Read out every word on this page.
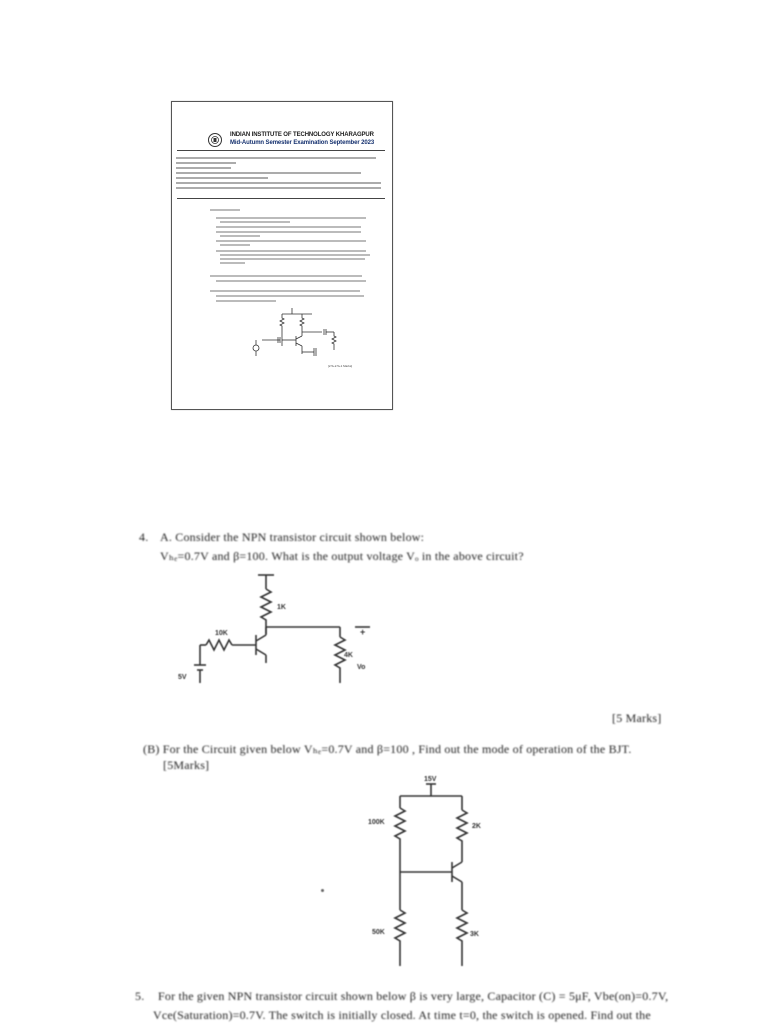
INDIAN INSTITUTE OF TECHNOLOGY KHARAGPUR
Mid-Autumn Semester Examination September 2023
[2.5+2.5+1 Marks]
4. A. Consider the NPN transistor circuit shown below:
Vₕₑ=0.7V and β=100. What is the output voltage Vₒ in the above circuit?
1K
10K
5V
4K
Vo
+
[5 Marks]
(B) For the Circuit given below Vₕₑ=0.7V and β=100 , Find out the mode of operation of the BJT.
[5Marks]
15V
100K
2K
50K	3K
5. For the given NPN transistor circuit shown below β is very large, Capacitor (C) = 5μF, Vbe(on)=0.7V,
Vce(Saturation)=0.7V. The switch is initially closed. At time t=0, the switch is opened. Find out the
